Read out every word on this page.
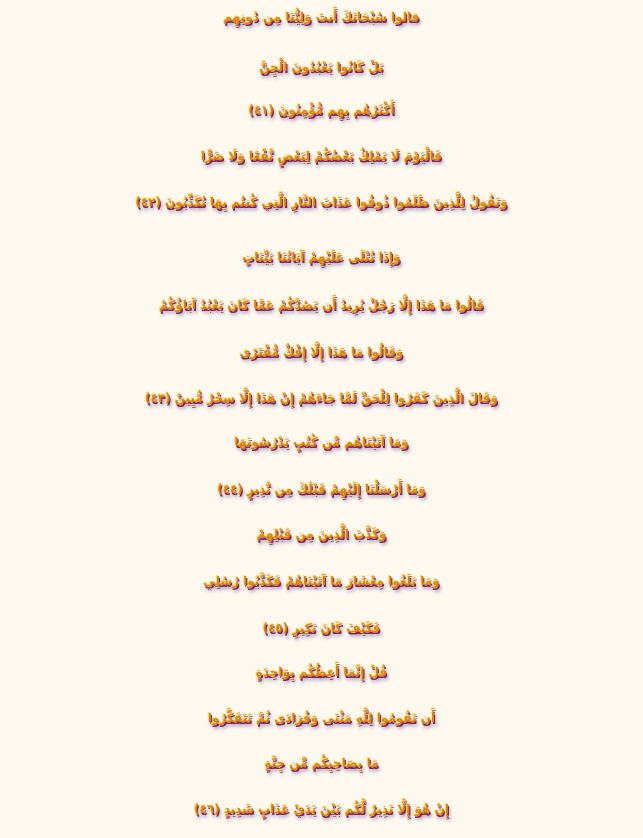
قالوا سُبْحَانَكَ أَنتَ وَلِيُّنَا مِن دُونِهِم
بَلْ كَانُوا يَعْبُدُونَ الْجِنَّ
أَكْثَرُهُم بِهِم مُّؤْمِنُونَ (٤١)
فَالْيَوْمَ لَا يَمْلِكُ بَعْضُكُمْ لِبَعْضٍ نَّفْعًا وَلَا ضَرًّا
وَنَقُولُ لِلَّذِينَ ظَلَمُوا ذُوقُوا عَذَابَ النَّارِ الَّتِي كُنتُم بِهَا تُكَذِّبُونَ (٤٢)
وَإِذَا تُتْلَى عَلَيْهِمْ آيَاتُنَا بَيِّنَاتٍ
قَالُوا مَا هَذَا إِلَّا رَجُلٌ يُرِيدُ أَن يَصُدَّكُمْ عَمَّا كَانَ يَعْبُدُ آبَاؤُكُمْ
وَقَالُوا مَا هَذَا إِلَّا إِفْكٌ مُّفْتَرًى
وَقَالَ الَّذِينَ كَفَرُوا لِلْحَقِّ لَمَّا جَاءَهُمْ إِنْ هَذَا إِلَّا سِحْرٌ مُّبِينٌ (٤٣)
وَمَا آتَيْنَاهُم مِّن كُتُبٍ يَدْرُسُونَهَا
وَمَا أَرْسَلْنَا إِلَيْهِمْ قَبْلَكَ مِن نَّذِيرٍ (٤٤)
وَكَذَّبَ الَّذِينَ مِن قَبْلِهِمْ
وَمَا بَلَغُوا مِعْشَارَ مَا آتَيْنَاهُمْ فَكَذَّبُوا رُسُلِي
فَكَيْفَ كَانَ نَكِيرِ (٤٥)
قُلْ إِنَّمَا أَعِظُكُم بِوَاحِدَةٍ
أَن تَقُومُوا لِلَّهِ مَثْنَى وَفُرَادَى ثُمَّ تَتَفَكَّرُوا
مَا بِصَاحِبِكُم مِّن جِنَّةٍ
إِنْ هُوَ إِلَّا نَذِيرٌ لَّكُم بَيْنَ يَدَيْ عَذَابٍ شَدِيدٍ (٤٦)
